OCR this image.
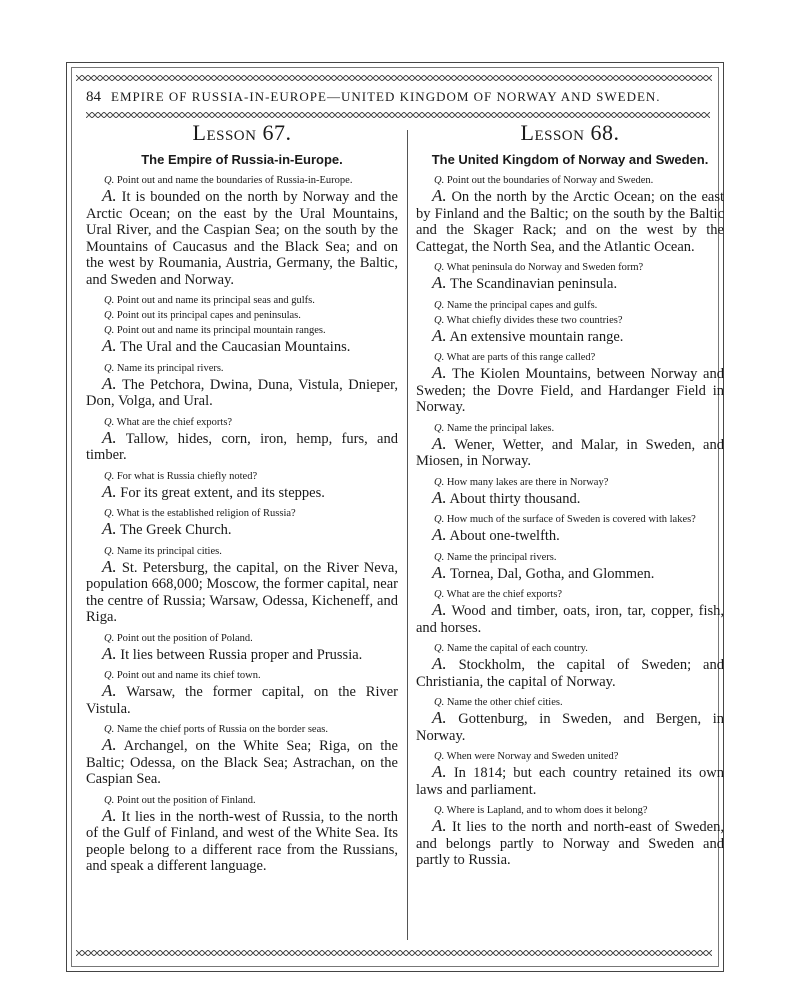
84 EMPIRE OF RUSSIA-IN-EUROPE—UNITED KINGDOM OF NORWAY AND SWEDEN.
Lesson 67.
The Empire of Russia-in-Europe.

Q. Point out and name the boundaries of Russia-in-Europe.

A. It is bounded on the north by Norway and the Arctic Ocean; on the east by the Ural Mountains, Ural River, and the Caspian Sea; on the south by the Mountains of Caucasus and the Black Sea; and on the west by Roumania, Austria, Germany, the Baltic, and Sweden and Norway.

Q. Point out and name its principal seas and gulfs.

Q. Point out its principal capes and peninsulas.

Q. Point out and name its principal mountain ranges.

A. The Ural and the Caucasian Mountains.

Q. Name its principal rivers.

A. The Petchora, Dwina, Duna, Vistula, Dnieper, Don, Volga, and Ural.

Q. What are the chief exports?

A. Tallow, hides, corn, iron, hemp, furs, and timber.

Q. For what is Russia chiefly noted?

A. For its great extent, and its steppes.

Q. What is the established religion of Russia?

A. The Greek Church.

Q. Name its principal cities.

A. St. Petersburg, the capital, on the River Neva, population 668,000; Moscow, the former capital, near the centre of Russia; Warsaw, Odessa, Kicheneff, and Riga.

Q. Point out the position of Poland.

A. It lies between Russia proper and Prussia.

Q. Point out and name its chief town.

A. Warsaw, the former capital, on the River Vistula.

Q. Name the chief ports of Russia on the border seas.

A. Archangel, on the White Sea; Riga, on the Baltic; Odessa, on the Black Sea; Astrachan, on the Caspian Sea.

Q. Point out the position of Finland.

A. It lies in the north-west of Russia, to the north of the Gulf of Finland, and west of the White Sea. Its people belong to a different race from the Russians, and speak a different language.

Lesson 68.
The United Kingdom of Norway and Sweden.

Q. Point out the boundaries of Norway and Sweden.

A. On the north by the Arctic Ocean; on the east by Finland and the Baltic; on the south by the Baltic and the Skager Rack; and on the west by the Cattegat, the North Sea, and the Atlantic Ocean.

Q. What peninsula do Norway and Sweden form?

A. The Scandinavian peninsula.

Q. Name the principal capes and gulfs.

Q. What chiefly divides these two countries?

A. An extensive mountain range.

Q. What are parts of this range called?

A. The Kiolen Mountains, between Norway and Sweden; the Dovre Field, and Hardanger Field in Norway.

Q. Name the principal lakes.

A. Wener, Wetter, and Malar, in Sweden, and Miosen, in Norway.

Q. How many lakes are there in Norway?

A. About thirty thousand.

Q. How much of the surface of Sweden is covered with lakes?

A. About one-twelfth.

Q. Name the principal rivers.

A. Tornea, Dal, Gotha, and Glommen.

Q. What are the chief exports?

A. Wood and timber, oats, iron, tar, copper, fish, and horses.

Q. Name the capital of each country.

A. Stockholm, the capital of Sweden; and Christiania, the capital of Norway.

Q. Name the other chief cities.

A. Gottenburg, in Sweden, and Bergen, in Norway.

Q. When were Norway and Sweden united?

A. In 1814; but each country retained its own laws and parliament.

Q. Where is Lapland, and to whom does it belong?

A. It lies to the north and north-east of Sweden, and belongs partly to Norway and Sweden and partly to Russia.
